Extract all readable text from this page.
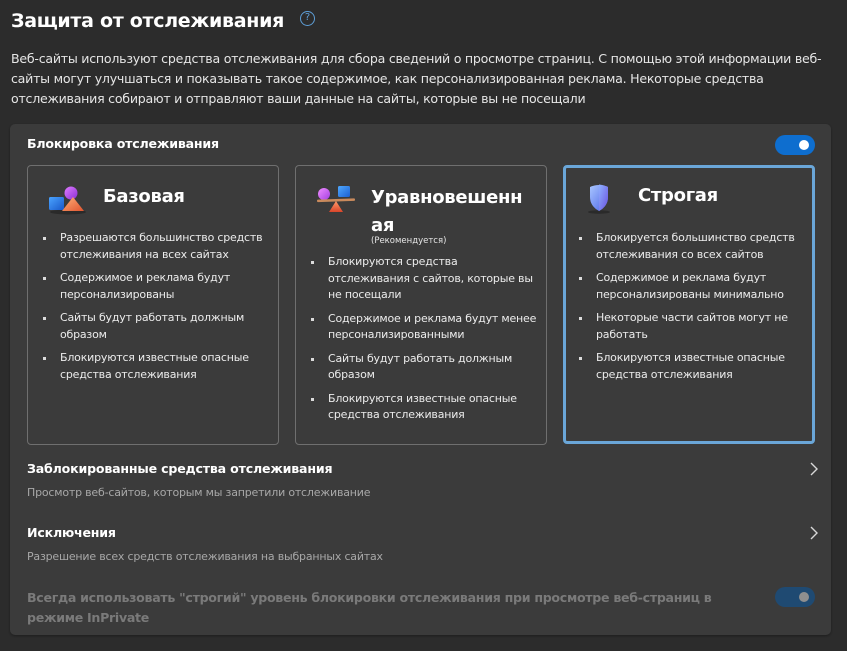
Защита от отслеживания	?

Веб-сайты используют средства отслеживания для сбора сведений о просмотре страниц. С помощью этой информации веб-сайты могут улучшаться и показывать такое содержимое, как персонализированная реклама. Некоторые средства отслеживания собирают и отправляют ваши данные на сайты, которые вы не посещали

Блокировка отслеживания
Базовая
Разрешаются большинство средств отслеживания на всех сайтах
Содержимое и реклама будут персонализированы
Сайты будут работать должным образом
Блокируются известные опасные средства отслеживания
Уравновешенная
(Рекомендуется)
Блокируются средства отслеживания с сайтов, которые вы не посещали
Содержимое и реклама будут менее персонализированными
Сайты будут работать должным образом
Блокируются известные опасные средства отслеживания
Строгая
Блокируется большинство средств отслеживания со всех сайтов
Содержимое и реклама будут персонализированы минимально
Некоторые части сайтов могут не работать
Блокируются известные опасные средства отслеживания
Заблокированные средства отслеживания
Просмотр веб-сайтов, которым мы запретили отслеживание
Исключения
Разрешение всех средств отслеживания на выбранных сайтах
Всегда использовать "строгий" уровень блокировки отслеживания при просмотре веб-страниц в режиме InPrivate
